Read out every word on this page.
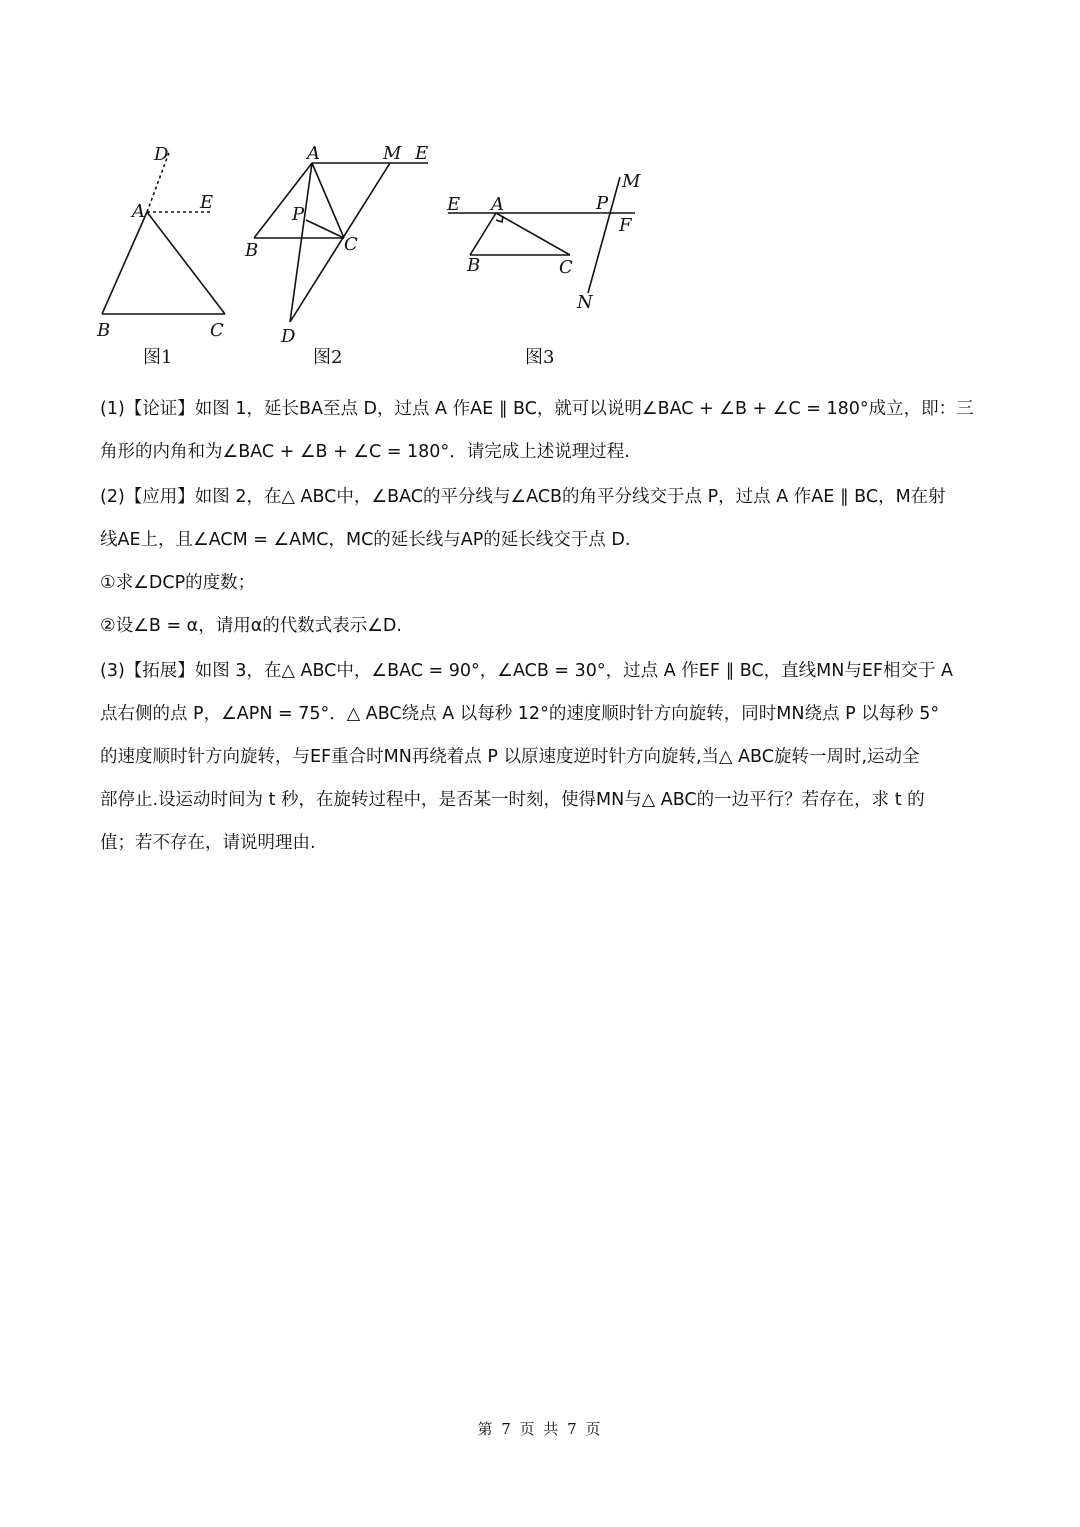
D
A	E
B	C
图1
A	M E
P
B	C
D
图2
M
E A	P
F
B	C
N
图3
(1)【论证】如图 1，延长BA至点 D，过点 A 作AE ∥ BC，就可以说明∠BAC + ∠B + ∠C = 180°成立，即：三
角形的内角和为∠BAC + ∠B + ∠C = 180°．请完成上述说理过程.
(2)【应用】如图 2，在△ ABC中，∠BAC的平分线与∠ACB的角平分线交于点 P，过点 A 作AE ∥ BC，M在射
线AE上，且∠ACM = ∠AMC，MC的延长线与AP的延长线交于点 D.
①求∠DCP的度数；
②设∠B = α，请用α的代数式表示∠D.
(3)【拓展】如图 3，在△ ABC中，∠BAC = 90°，∠ACB = 30°，过点 A 作EF ∥ BC，直线MN与EF相交于 A
点右侧的点 P，∠APN = 75°．△ ABC绕点 A 以每秒 12°的速度顺时针方向旋转，同时MN绕点 P 以每秒 5°
的速度顺时针方向旋转，与EF重合时MN再绕着点 P 以原速度逆时针方向旋转,当△ ABC旋转一周时,运动全
部停止.设运动时间为 t 秒，在旋转过程中，是否某一时刻，使得MN与△ ABC的一边平行？若存在，求 t 的
值；若不存在，请说明理由.
第 7 页 共 7 页
